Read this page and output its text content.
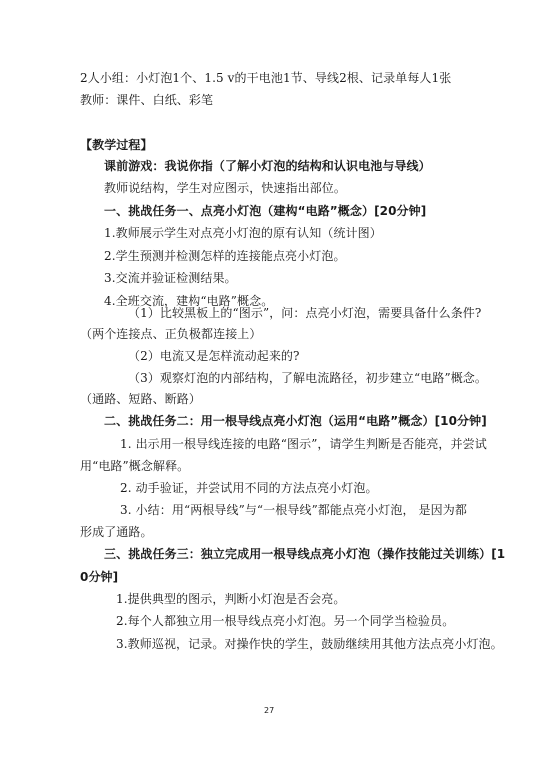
2人小组：小灯泡1个、1.5 v的干电池1节、导线2根、记录单每人1张
教师：课件、白纸、彩笔
【教学过程】
课前游戏：我说你指（了解小灯泡的结构和认识电池与导线）
教师说结构，学生对应图示，快速指出部位。
一、挑战任务一、点亮小灯泡（建构“电路”概念）[20分钟]
1.教师展示学生对点亮小灯泡的原有认知（统计图）
2.学生预测并检测怎样的连接能点亮小灯泡。
3.交流并验证检测结果。
4.全班交流，建构“电路”概念。
（1）比较黑板上的“图示”，问：点亮小灯泡，需要具备什么条件?
（两个连接点、正负极都连接上）
（2）电流又是怎样流动起来的?
（3）观察灯泡的内部结构，了解电流路径，初步建立“电路”概念。
（通路、短路、断路）
二、挑战任务二：用一根导线点亮小灯泡（运用“电路”概念）[10分钟]
1. 出示用一根导线连接的电路“图示”，请学生判断是否能亮，并尝试
用“电路”概念解释。
2. 动手验证，并尝试用不同的方法点亮小灯泡。
3. 小结：用“两根导线”与“一根导线”都能点亮小灯泡， 是因为都
形成了通路。
三、挑战任务三：独立完成用一根导线点亮小灯泡（操作技能过关训练）[1
0分钟]
1.提供典型的图示，判断小灯泡是否会亮。
2.每个人都独立用一根导线点亮小灯泡。另一个同学当检验员。
3.教师巡视，记录。对操作快的学生，鼓励继续用其他方法点亮小灯泡。
27
